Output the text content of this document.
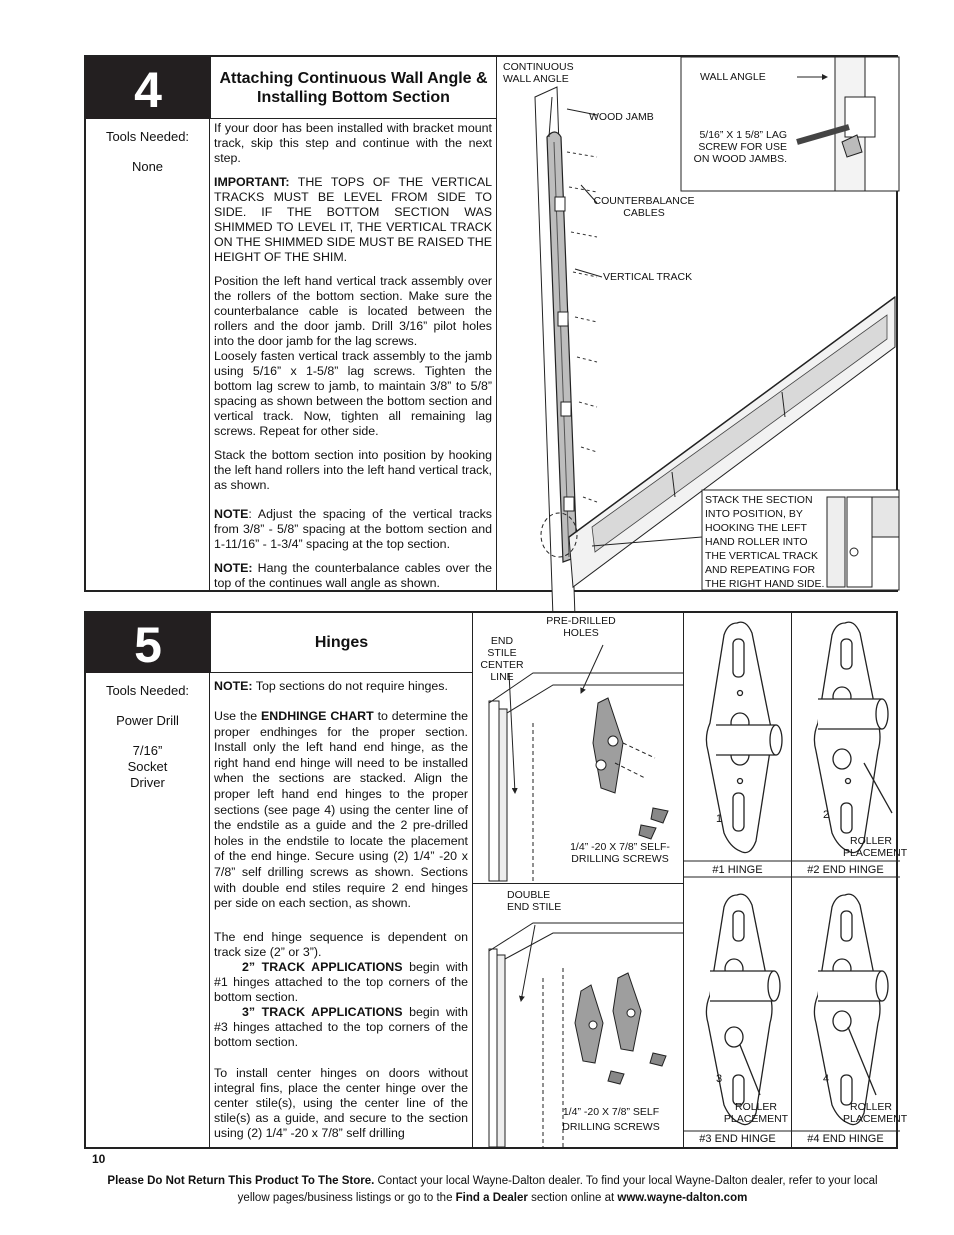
4	Attaching Continuous Wall Angle & Installing Bottom Section

Tools Needed:

None

If your door has been installed with bracket mount track, skip this step and continue with the next step.

IMPORTANT: THE TOPS OF THE VERTICAL TRACKS MUST BE LEVEL FROM SIDE TO SIDE. IF THE BOTTOM SECTION WAS SHIMMED TO LEVEL IT, THE VERTICAL TRACK ON THE SHIMMED SIDE MUST BE RAISED THE HEIGHT OF THE SHIM.

Position the left hand vertical track assembly over the rollers of the bottom section. Make sure the counterbalance cable is located between the rollers and the door jamb. Drill 3/16” pilot holes into the door jamb for the lag screws.

Loosely fasten vertical track assembly to the jamb using 5/16” x 1-5/8” lag screws. Tighten the bottom lag screw to jamb, to maintain 3/8” to 5/8” spacing as shown between the bottom section and vertical track. Now, tighten all remaining lag screws. Repeat for other side.

Stack the bottom section into position by hooking the left hand rollers into the left hand vertical track, as shown.

NOTE: Adjust the spacing of the vertical tracks from 3/8” - 5/8” spacing at the bottom section and 1-11/16” - 1-3/4” spacing at the top section.

NOTE: Hang the counterbalance cables over the top of the continues wall angle as shown.

CONTINUOUS WALL ANGLE
WOOD JAMB
COUNTERBALANCE CABLES
VERTICAL TRACK
WALL ANGLE
5/16” X 1 5/8” LAG SCREW FOR USE ON WOOD JAMBS.
STACK THE SECTION INTO POSITION, BY HOOKING THE LEFT HAND ROLLER INTO THE VERTICAL TRACK AND REPEATING FOR THE RIGHT HAND SIDE.
5	Hinges

Tools Needed:

Power Drill

7/16” Socket Driver

NOTE: Top sections do not require hinges.

Use the ENDHINGE CHART to determine the proper endhinges for the proper section. Install only the left hand end hinge, as the right hand end hinge will need to be installed when the sections are stacked. Align the proper left hand end hinges to the proper sections (see page 4) using the center line of the endstile as a guide and the 2 pre-drilled holes in the endstile to locate the placement of the end hinge. Secure using (2) 1/4” -20 x 7/8” self drilling screws as shown. Sections with double end stiles require 2 end hinges per side on each section, as shown.

The end hinge sequence is dependent on track size (2” or 3”).

2” TRACK APPLICATIONS begin with #1 hinges attached to the top corners of the bottom section.

3” TRACK APPLICATIONS begin with #3 hinges attached to the top corners of the bottom section.

To install center hinges on doors without integral fins, place the center hinge over the center stile(s), using the center line of the stile(s) as a guide, and secure to the section using (2) 1/4” -20 x 7/8” self drilling

END STILE CENTER LINE
PRE-DRILLED HOLES
1/4” -20 X 7/8” SELF-DRILLING SCREWS
DOUBLE END STILE
1/4” -20 X 7/8” SELF DRILLING SCREWS
1	2
3	4
ROLLER PLACEMENT
ROLLER PLACEMENT
ROLLER PLACEMENT
#1 HINGE	#2 END HINGE
#3 END HINGE	#4 END HINGE
10
Please Do Not Return This Product To The Store. Contact your local Wayne-Dalton dealer. To find your local Wayne-Dalton dealer, refer to your local yellow pages/business listings or go to the Find a Dealer section online at www.wayne-dalton.com
